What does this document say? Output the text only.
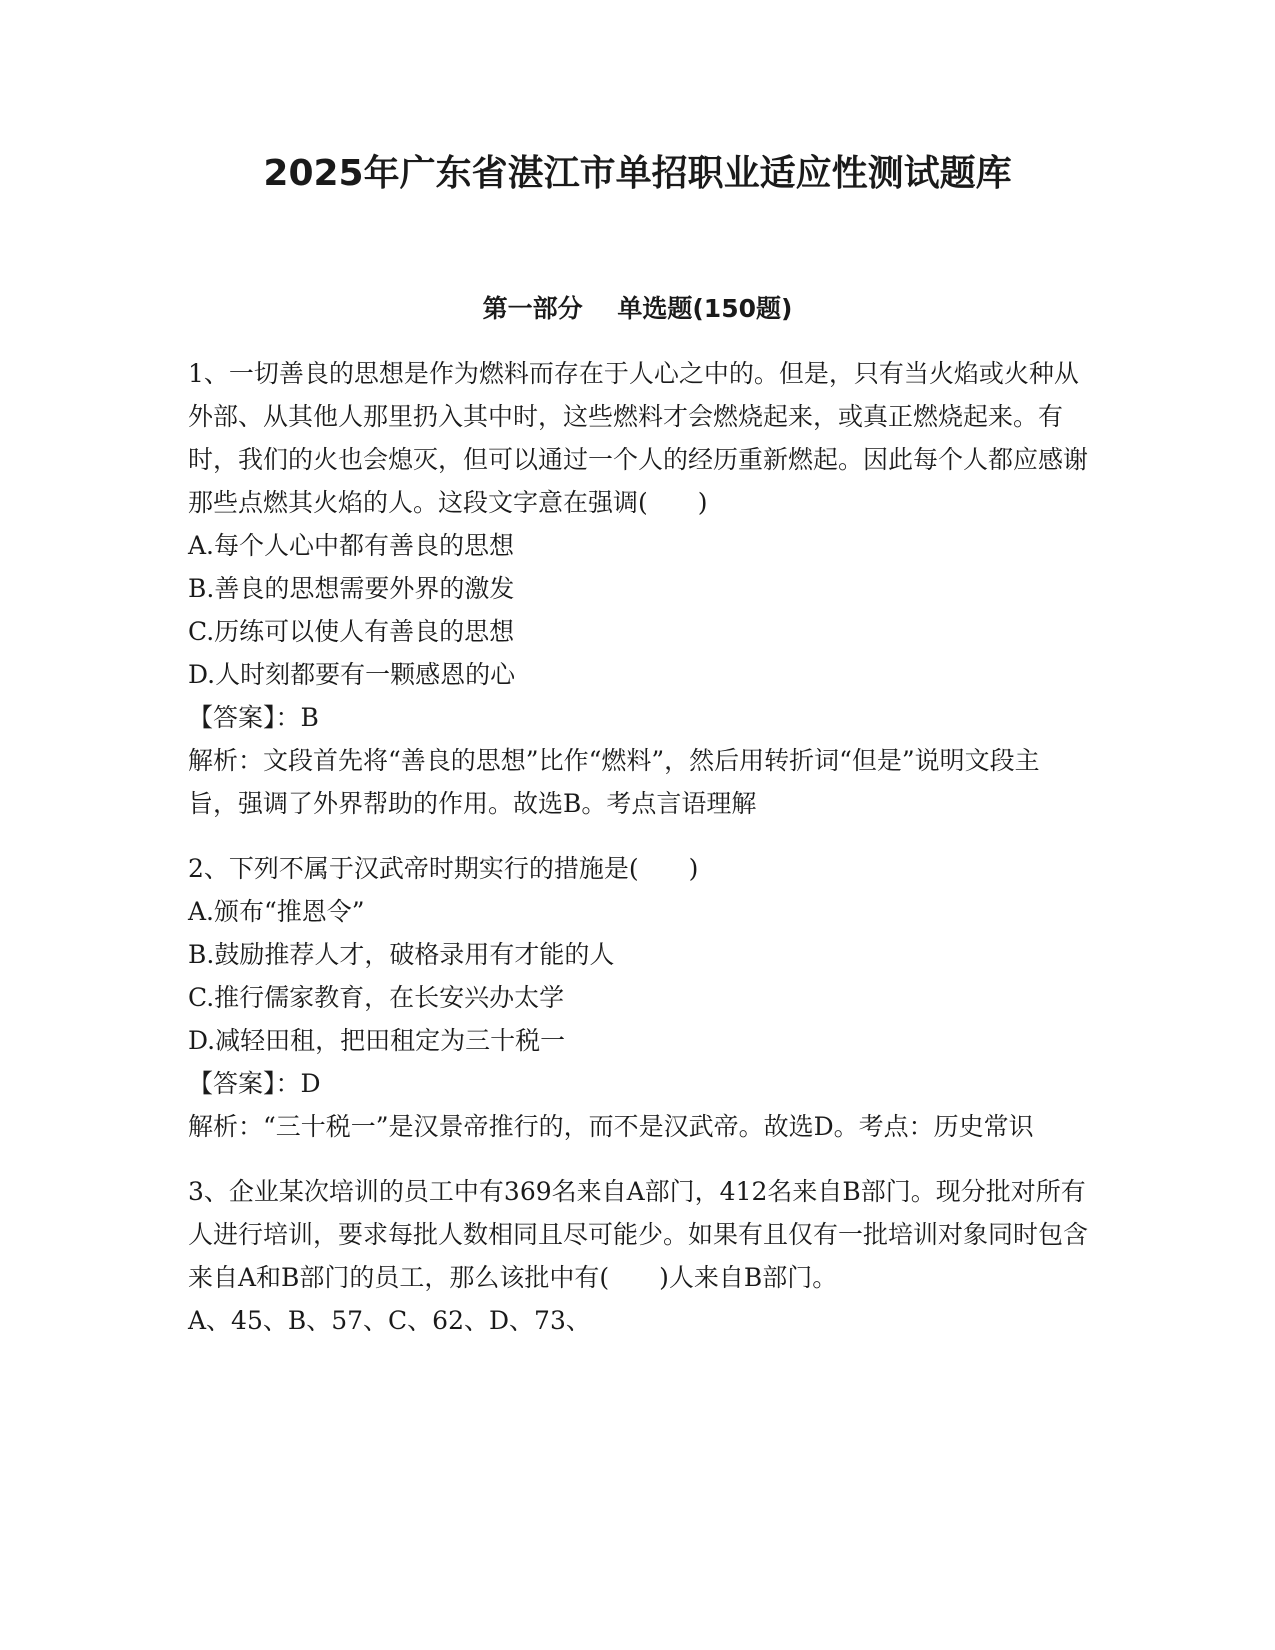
2025年广东省湛江市单招职业适应性测试题库
第一部分    单选题(150题)

1、一切善良的思想是作为燃料而存在于人心之中的。但是，只有当火焰或火种从外部、从其他人那里扔入其中时，这些燃料才会燃烧起来，或真正燃烧起来。有时，我们的火也会熄灭，但可以通过一个人的经历重新燃起。因此每个人都应感谢那些点燃其火焰的人。这段文字意在强调(　　)

A.每个人心中都有善良的思想

B.善良的思想需要外界的激发

C.历练可以使人有善良的思想

D.人时刻都要有一颗感恩的心

【答案】：B

解析：文段首先将“善良的思想”比作“燃料”，然后用转折词“但是”说明文段主旨，强调了外界帮助的作用。故选B。考点言语理解

2、下列不属于汉武帝时期实行的措施是(　　)

A.颁布“推恩令”

B.鼓励推荐人才，破格录用有才能的人

C.推行儒家教育，在长安兴办太学

D.减轻田租，把田租定为三十税一

【答案】：D

解析：“三十税一”是汉景帝推行的，而不是汉武帝。故选D。考点：历史常识

3、企业某次培训的员工中有369名来自A部门，412名来自B部门。现分批对所有人进行培训，要求每批人数相同且尽可能少。如果有且仅有一批培训对象同时包含来自A和B部门的员工，那么该批中有(　　)人来自B部门。

A、45、B、57、C、62、D、73、
